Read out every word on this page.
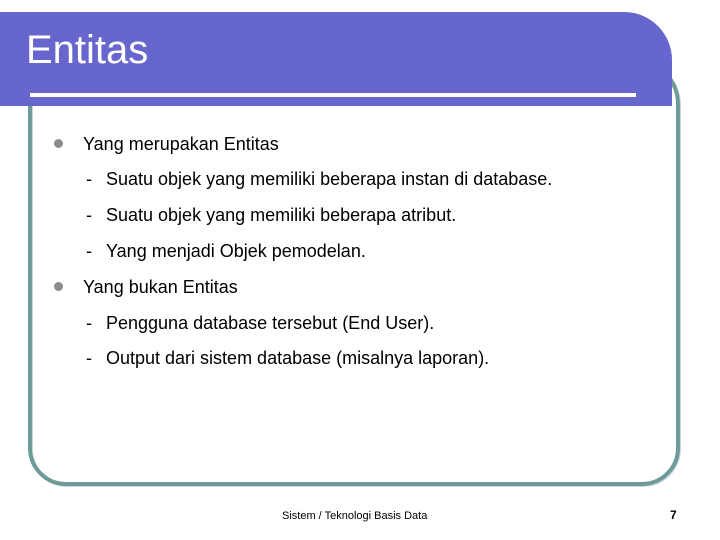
Entitas
Yang merupakan Entitas
- Suatu objek yang memiliki beberapa instan di database.
- Suatu objek yang memiliki beberapa atribut.
- Yang menjadi Objek pemodelan.
Yang bukan Entitas
- Pengguna database tersebut (End User).
- Output dari sistem database (misalnya laporan).
Sistem / Teknologi Basis Data	7
